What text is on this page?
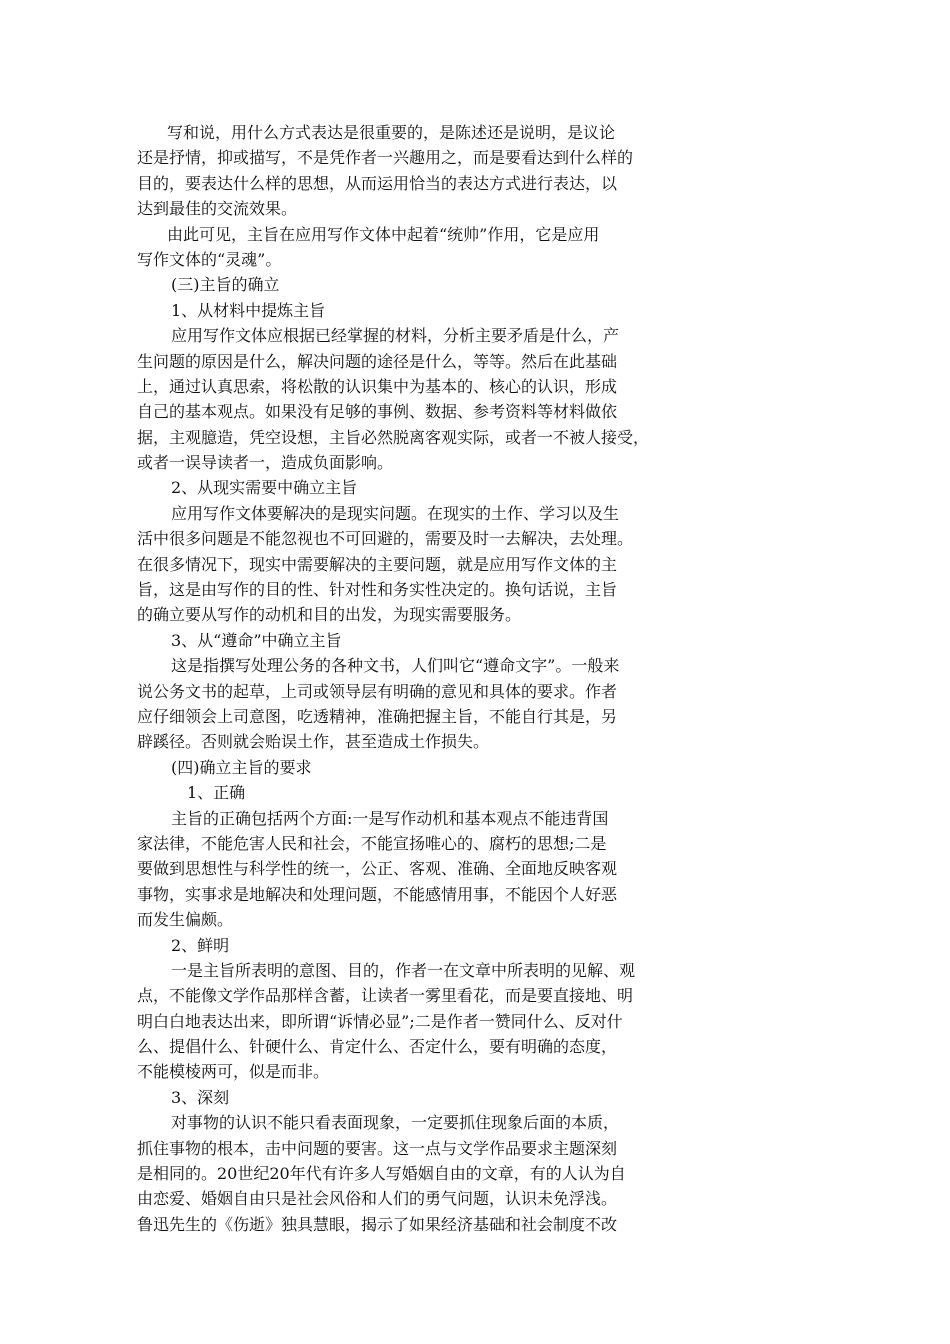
写和说，用什么方式表达是很重要的，是陈述还是说明，是议论
还是抒情，抑或描写，不是凭作者一兴趣用之，而是要看达到什么样的
目的，要表达什么样的思想，从而运用恰当的表达方式进行表达，以
达到最佳的交流效果。
由此可见，主旨在应用写作文体中起着“统帅”作用，它是应用
写作文体的“灵魂”。
(三)主旨的确立
1、从材料中提炼主旨
应用写作文体应根据已经掌握的材料，分析主要矛盾是什么，产
生问题的原因是什么，解决问题的途径是什么，等等。然后在此基础
上，通过认真思索，将松散的认识集中为基本的、核心的认识，形成
自己的基本观点。如果没有足够的事例、数据、参考资料等材料做依
据，主观臆造，凭空设想，主旨必然脱离客观实际，或者一不被人接受，
或者一误导读者一，造成负面影响。
2、从现实需要中确立主旨
应用写作文体要解决的是现实问题。在现实的土作、学习以及生
活中很多问题是不能忽视也不可回避的，需要及时一去解决，去处理。
在很多情况下，现实中需要解决的主要问题，就是应用写作文体的主
旨，这是由写作的目的性、针对性和务实性决定的。换句话说，主旨
的确立要从写作的动机和目的出发，为现实需要服务。
3、从“遵命”中确立主旨
这是指撰写处理公务的各种文书，人们叫它“遵命文字”。一般来
说公务文书的起草，上司或领导层有明确的意见和具体的要求。作者
应仔细领会上司意图，吃透精神，准确把握主旨，不能自行其是，另
辟蹊径。否则就会贻误土作，甚至造成土作损失。
(四)确立主旨的要求
1、正确
主旨的正确包括两个方面:一是写作动机和基本观点不能违背国
家法律，不能危害人民和社会，不能宣扬唯心的、腐朽的思想;二是
要做到思想性与科学性的统一，公正、客观、准确、全面地反映客观
事物，实事求是地解决和处理问题，不能感情用事，不能因个人好恶
而发生偏颇。
2、鲜明
一是主旨所表明的意图、目的，作者一在文章中所表明的见解、观
点，不能像文学作品那样含蓄，让读者一雾里看花，而是要直接地、明
明白白地表达出来，即所谓“诉情必显”;二是作者一赞同什么、反对什
么、提倡什么、针硬什么、肯定什么、否定什么，要有明确的态度，
不能模棱两可，似是而非。
3、深刻
对事物的认识不能只看表面现象，一定要抓住现象后面的本质，
抓住事物的根本，击中问题的要害。这一点与文学作品要求主题深刻
是相同的。20世纪20年代有许多人写婚姻自由的文章，有的人认为自
由恋爱、婚姻自由只是社会风俗和人们的勇气问题，认识未免浮浅。
鲁迅先生的《伤逝》独具慧眼，揭示了如果经济基础和社会制度不改
